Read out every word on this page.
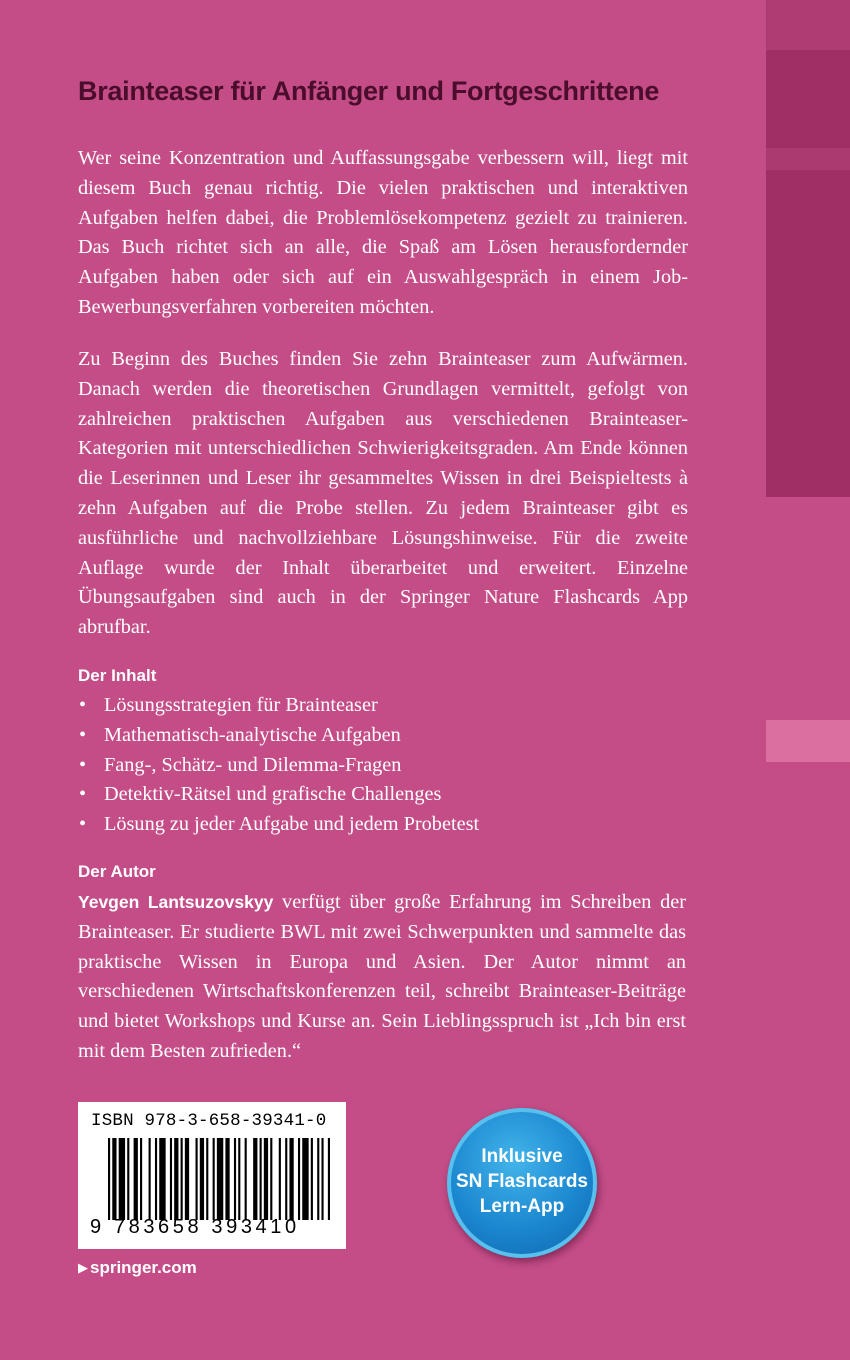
Brainteaser für Anfänger und Fortgeschrittene

Wer seine Konzentration und Auffassungsgabe verbessern will, liegt mit diesem Buch genau richtig. Die vielen praktischen und interaktiven Aufgaben helfen dabei, die Problemlösekompetenz gezielt zu trainieren. Das Buch richtet sich an alle, die Spaß am Lösen herausfordernder Aufgaben haben oder sich auf ein Auswahlgespräch in einem Job-Bewerbungsverfahren vorbereiten möchten.

Zu Beginn des Buches finden Sie zehn Brainteaser zum Aufwärmen. Danach werden die theoretischen Grundlagen vermittelt, gefolgt von zahlreichen praktischen Aufgaben aus verschiedenen Brainteaser-Kategorien mit unterschiedlichen Schwierigkeitsgraden. Am Ende können die Leserinnen und Leser ihr gesammeltes Wissen in drei Beispieltests à zehn Aufgaben auf die Probe stellen. Zu jedem Brainteaser gibt es ausführliche und nachvollziehbare Lösungshinweise. Für die zweite Auflage wurde der Inhalt überarbeitet und erweitert. Einzelne Übungsaufgaben sind auch in der Springer Nature Flashcards App abrufbar.

Der Inhalt
• Lösungsstrategien für Brainteaser
• Mathematisch-analytische Aufgaben
• Fang-, Schätz- und Dilemma-Fragen
• Detektiv-Rätsel und grafische Challenges
• Lösung zu jeder Aufgabe und jedem Probetest
Der Autor

Yevgen Lantsuzovskyy verfügt über große Erfahrung im Schreiben der Brainteaser. Er studierte BWL mit zwei Schwerpunkten und sammelte das praktische Wissen in Europa und Asien. Der Autor nimmt an verschiedenen Wirtschaftskonferenzen teil, schreibt Brainteaser-Beiträge und bietet Workshops und Kurse an. Sein Lieblingsspruch ist „Ich bin erst mit dem Besten zufrieden.“

ISBN 978-3-658-39341-0

9 783658 393410

▶ springer.com

Inklusive
SN Flashcards
Lern-App
